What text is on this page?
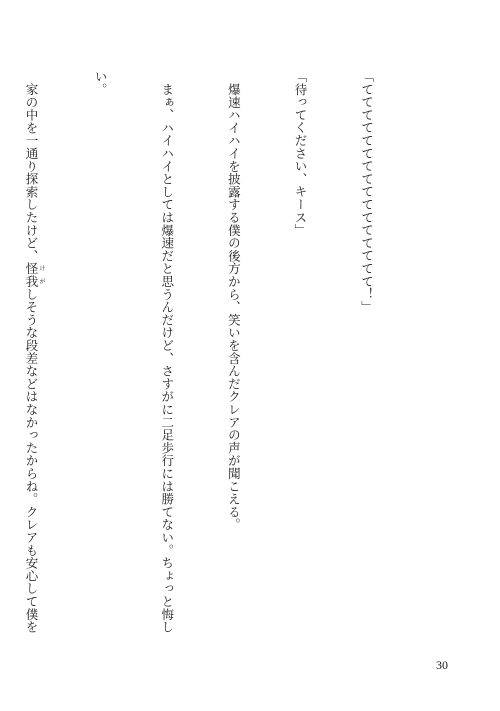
「てててててててててててててててて！」

「待ってください、キース」

爆速ハイハイを披露する僕の後方から、笑いを含んだクレアの声が聞こえる。

まぁ、ハイハイとしては爆速だと思うんだけど、さすがに二足歩行には勝てない。ちょっと悔し

い。

家の中を一通り探索したけど、怪我 けがしそうな段差などはなかったからね。クレアも安心して僕を

30
